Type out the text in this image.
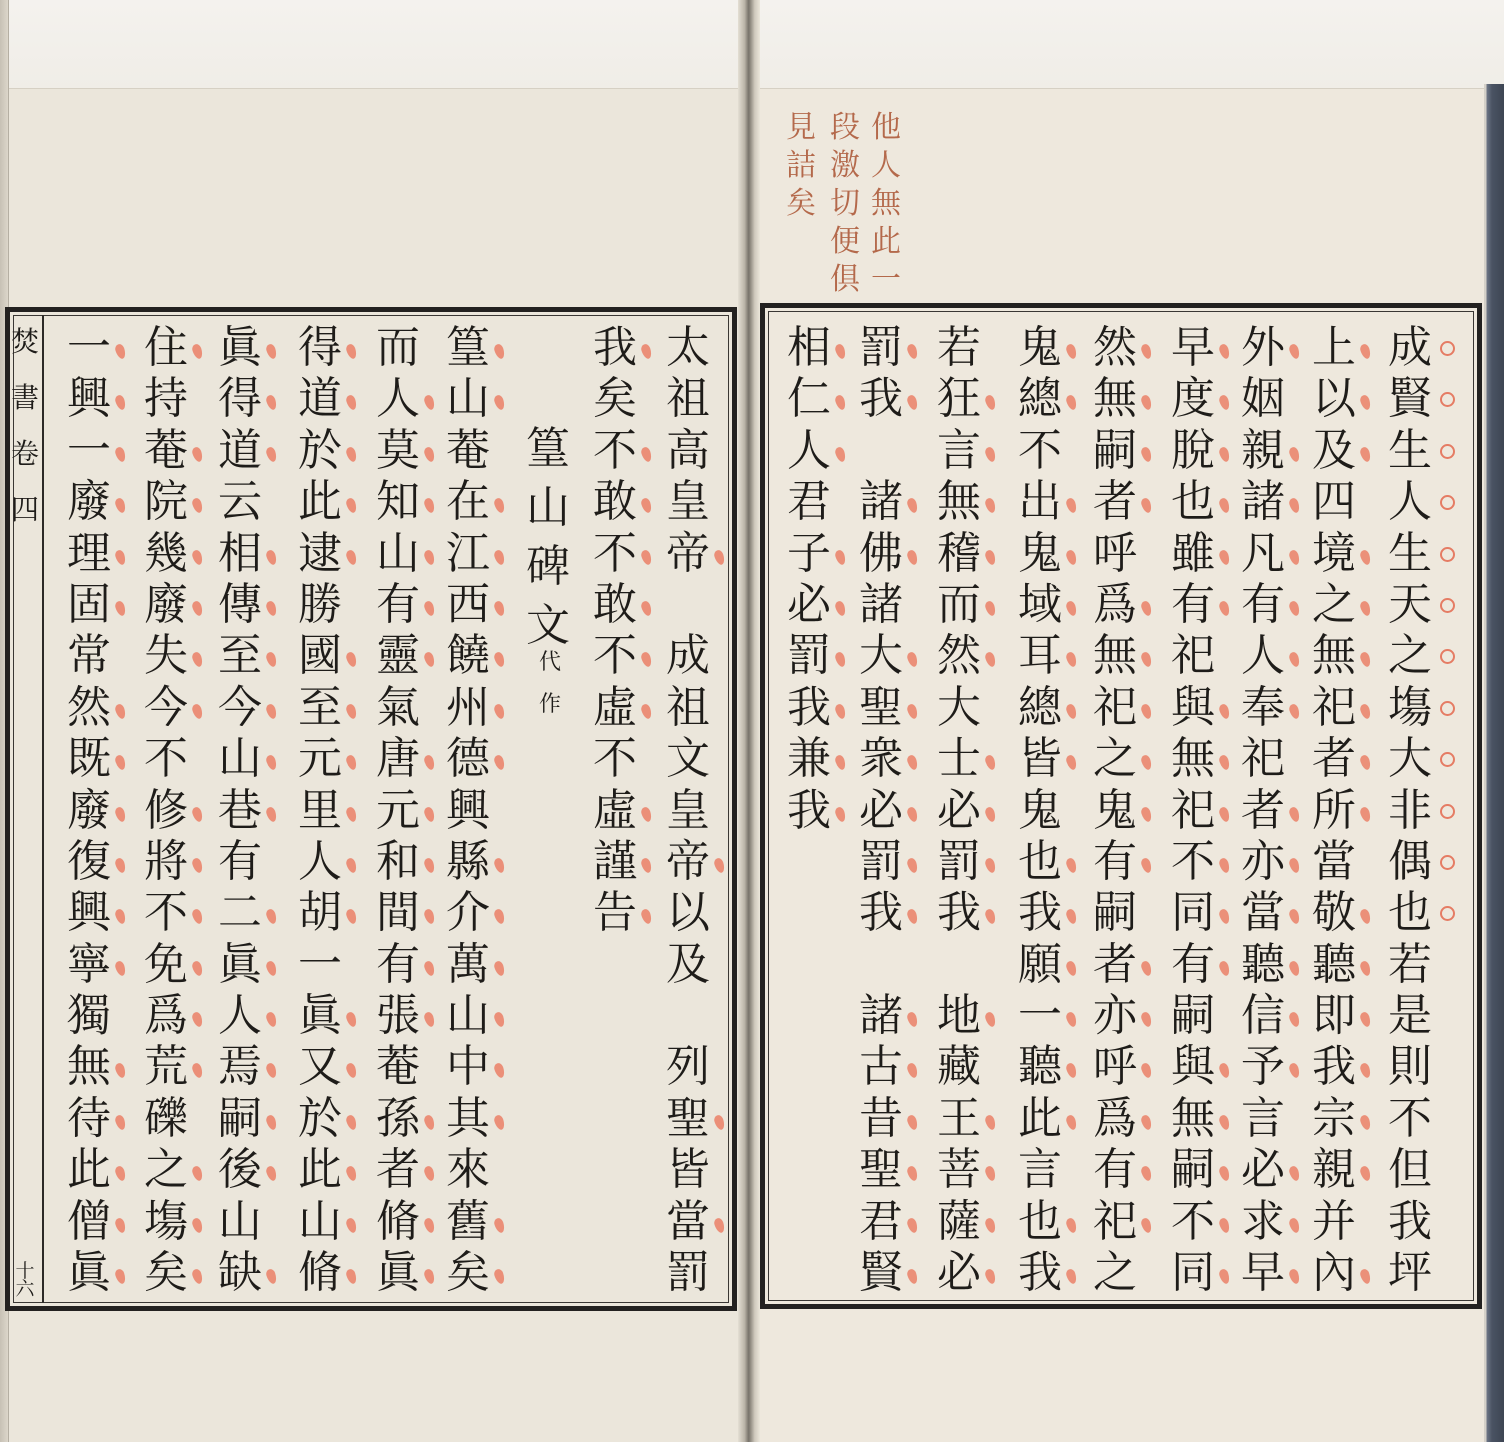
焚
書
卷
四
十
六
太
祖
高
皇
帝

成
祖
文
皇
帝
以
及

列
聖
皆
當
罰
我
矣
不
敢
不
敢
不
虛
不
虛
謹
告
篁
山
碑
文
代
作
篁
山
菴
在
江
西
饒
州
德
興
縣
介
萬
山
中
其
來
舊
矣
而
人
莫
知
山
有
靈
氣
唐
元
和
間
有
張
菴
孫
者
脩
眞
得
道
於
此
逮
勝
國
至
元
里
人
胡
一
眞
又
於
此
山
脩
眞
得
道
云
相
傳
至
今
山
巷
有
二
眞
人
焉
嗣
後
山
缺
住
持
菴
院
幾
廢
失
今
不
修
將
不
免
爲
荒
礫
之
塲
矣
一
興
一
廢
理
固
常
然
既
廢
復
興
寧
獨
無
待
此
僧
眞
他
人
無
此
一
段
激
切
便
俱
見
詰
矣
成
賢
生
人
生
天
之
塲
大
非
偶
也
若
是
則
不
但
我
坪
上
以
及
四
境
之
無
祀
者
所
當
敬
聽
即
我
宗
親
并
內
外
姻
親
諸
凡
有
人
奉
祀
者
亦
當
聽
信
予
言
必
求
早
早
度
脫
也
雖
有
祀
與
無
祀
不
同
有
嗣
與
無
嗣
不
同
然
無
嗣
者
呼
爲
無
祀
之
鬼
有
嗣
者
亦
呼
爲
有
祀
之
鬼
總
不
出
鬼
域
耳
總
皆
鬼
也
我
願
一
聽
此
言
也
我
若
狂
言
無
稽
而
然
大
士
必
罰
我

地
藏
王
菩
薩
必
罰
我

諸
佛
諸
大
聖
衆
必
罰
我

諸
古
昔
聖
君
賢
相
仁
人
君
子
必
罰
我
兼
我
